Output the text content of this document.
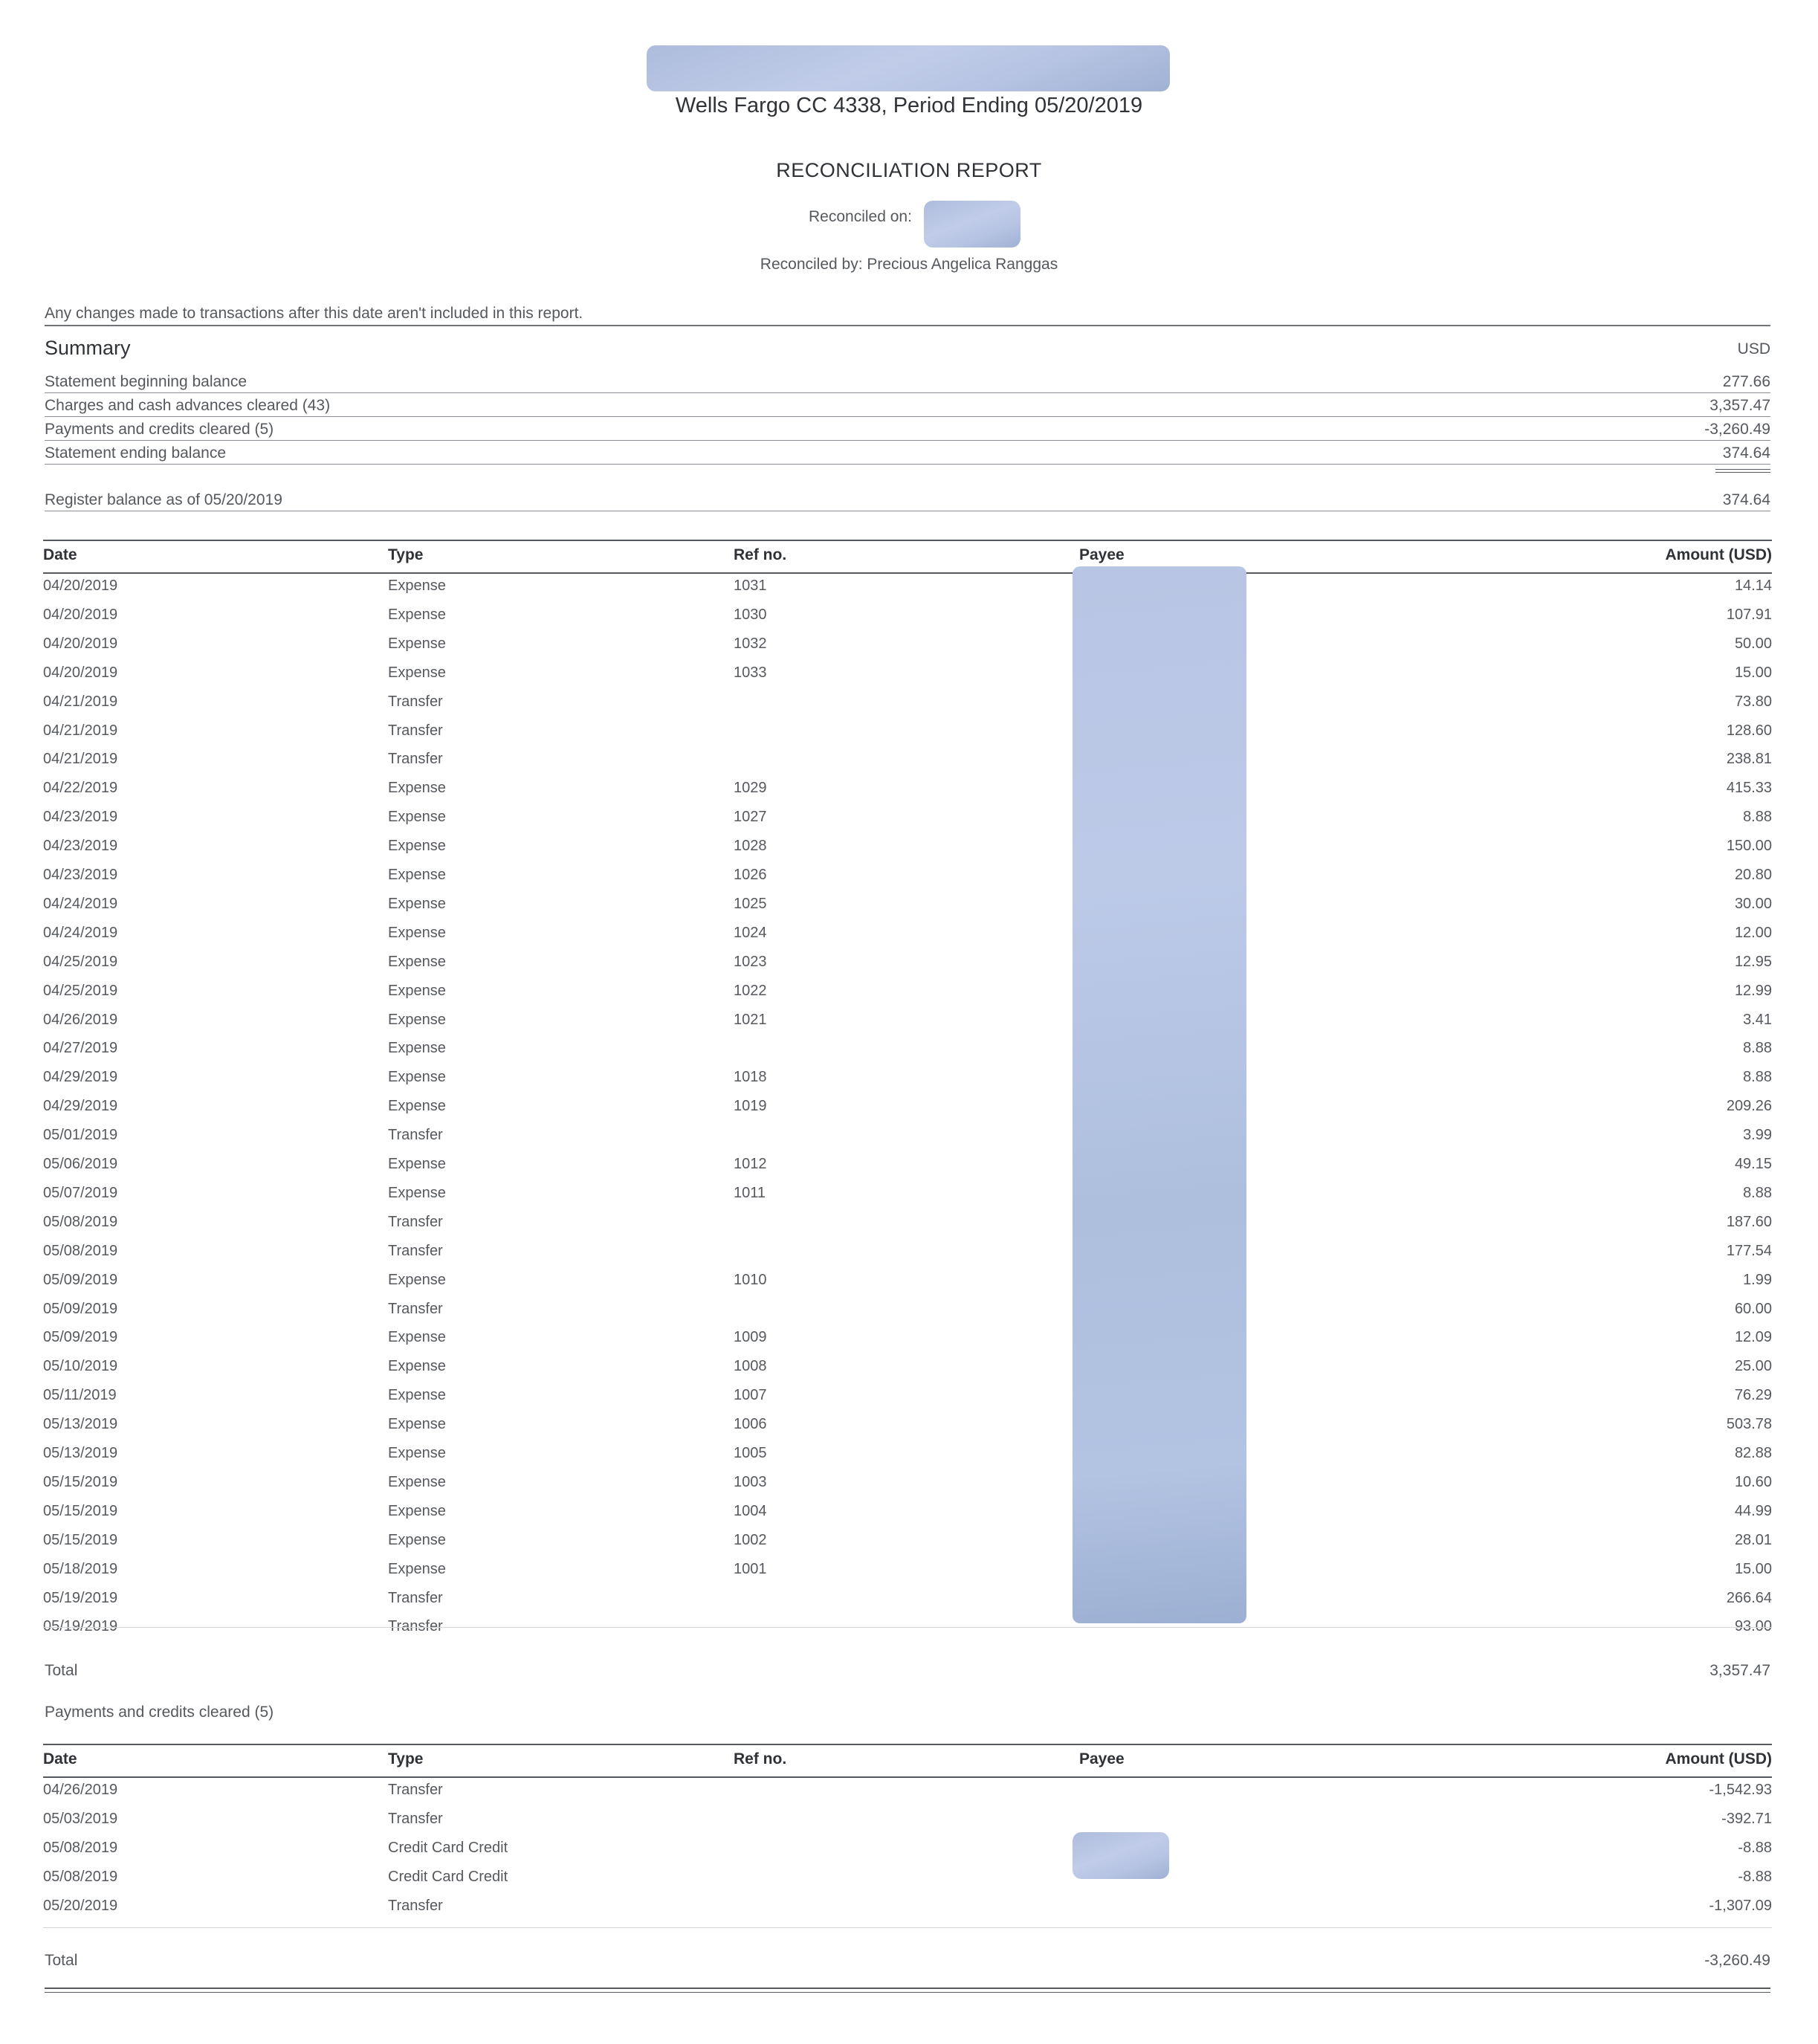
Wells Fargo CC 4338, Period Ending 05/20/2019
RECONCILIATION REPORT
Reconciled on:
Reconciled by: Precious Angelica Ranggas
Any changes made to transactions after this date aren't included in this report.
Summary	USD
Statement beginning balance	277.66
Charges and cash advances cleared (43)	3,357.47
Payments and credits cleared (5)	-3,260.49
Statement ending balance	374.64
Register balance as of 05/20/2019	374.64
Date	Type	Ref no.	Payee	Amount (USD)
04/20/2019	Expense	1031	14.14
04/20/2019	Expense	1030	107.91
04/20/2019	Expense	1032	50.00
04/20/2019	Expense	1033	15.00
04/21/2019	Transfer	73.80
04/21/2019	Transfer	128.60
04/21/2019	Transfer	238.81
04/22/2019	Expense	1029	415.33
04/23/2019	Expense	1027	8.88
04/23/2019	Expense	1028	150.00
04/23/2019	Expense	1026	20.80
04/24/2019	Expense	1025	30.00
04/24/2019	Expense	1024	12.00
04/25/2019	Expense	1023	12.95
04/25/2019	Expense	1022	12.99
04/26/2019	Expense	1021	3.41
04/27/2019	Expense	8.88
04/29/2019	Expense	1018	8.88
04/29/2019	Expense	1019	209.26
05/01/2019	Transfer	3.99
05/06/2019	Expense	1012	49.15
05/07/2019	Expense	1011	8.88
05/08/2019	Transfer	187.60
05/08/2019	Transfer	177.54
05/09/2019	Expense	1010	1.99
05/09/2019	Transfer	60.00
05/09/2019	Expense	1009	12.09
05/10/2019	Expense	1008	25.00
05/11/2019	Expense	1007	76.29
05/13/2019	Expense	1006	503.78
05/13/2019	Expense	1005	82.88
05/15/2019	Expense	1003	10.60
05/15/2019	Expense	1004	44.99
05/15/2019	Expense	1002	28.01
05/18/2019	Expense	1001	15.00
05/19/2019	Transfer	266.64
05/19/2019	Transfer	93.00
Total	3,357.47
Payments and credits cleared (5)
Date	Type	Ref no.	Payee	Amount (USD)
04/26/2019	Transfer	-1,542.93
05/03/2019	Transfer	-392.71
05/08/2019	Credit Card Credit	-8.88
05/08/2019	Credit Card Credit	-8.88
05/20/2019	Transfer	-1,307.09
Total	-3,260.49
